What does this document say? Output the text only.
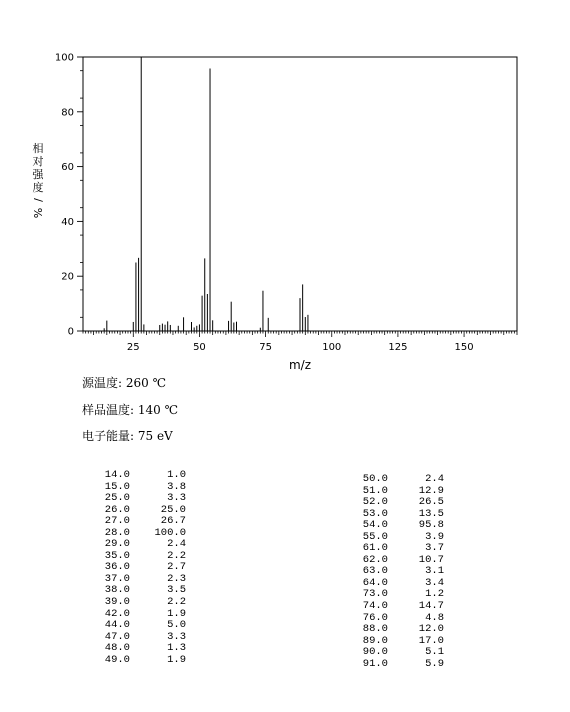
25	50	75	100	125	150
0
20
40
60
80
100
m/z
相
对
强
度
/
%
源温度: 260 ℃
样品温度: 140 ℃
电子能量: 75 eV
14.0	1.0
15.0	3.8
25.0	3.3
26.0	25.0
27.0	26.7
28.0	100.0
29.0	2.4
35.0	2.2
36.0	2.7
37.0	2.3
38.0	3.5
39.0	2.2
42.0	1.9
44.0	5.0
47.0	3.3
48.0	1.3
49.0	1.9
50.0	2.4
51.0	12.9
52.0	26.5
53.0	13.5
54.0	95.8
55.0	3.9
61.0	3.7
62.0	10.7
63.0	3.1
64.0	3.4
73.0	1.2
74.0	14.7
76.0	4.8
88.0	12.0
89.0	17.0
90.0	5.1
91.0	5.9
